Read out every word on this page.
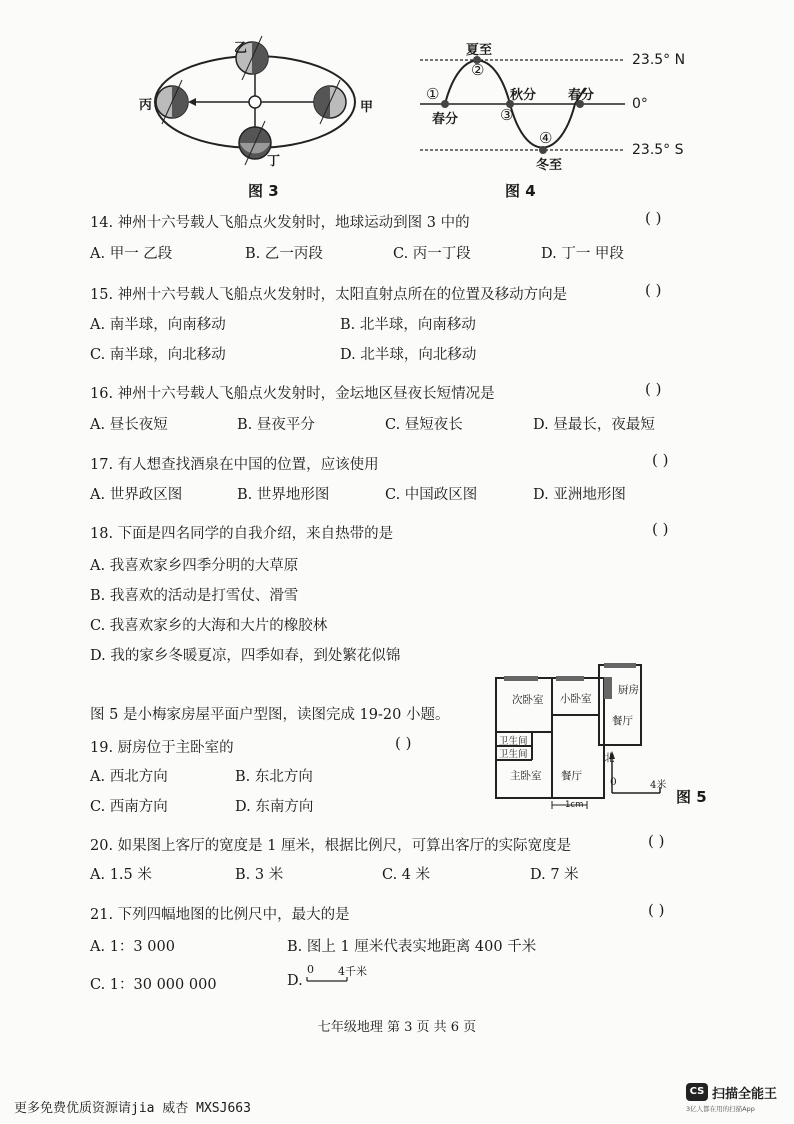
乙
丙	甲
丁
图 3
夏至
②
①
春分
秋分
③
春分
④
冬至
23.5° N
0°
23.5° S
图 4
14. 神州十六号载人飞船点火发射时，地球运动到图 3 中的	( )
A. 甲一 乙段	B. 乙一丙段	C. 丙一丁段	D. 丁一 甲段
15. 神州十六号载人飞船点火发射时，太阳直射点所在的位置及移动方向是	( )
A. 南半球，向南移动	B. 北半球，向南移动
C. 南半球，向北移动	D. 北半球，向北移动
16. 神州十六号载人飞船点火发射时，金坛地区昼夜长短情况是	( )
A. 昼长夜短	B. 昼夜平分	C. 昼短夜长	D. 昼最长，夜最短
17. 有人想查找酒泉在中国的位置，应该使用	( )
A. 世界政区图	B. 世界地形图	C. 中国政区图	D. 亚洲地形图
18. 下面是四名同学的自我介绍，来自热带的是	( )
A. 我喜欢家乡四季分明的大草原
B. 我喜欢的活动是打雪仗、滑雪
C. 我喜欢家乡的大海和大片的橡胶林
D. 我的家乡冬暖夏凉，四季如春，到处繁花似锦
图 5 是小梅家房屋平面户型图，读图完成 19-20 小题。
19. 厨房位于主卧室的	( )
A. 西北方向	B. 东北方向
C. 西南方向	D. 东南方向
次卧室 小卧室
厨房
餐厅
卫生间
卫生间
主卧室 餐厅
北
0	4米
1cm	图 5
20. 如果图上客厅的宽度是 1 厘米，根据比例尺，可算出客厅的实际宽度是	( )
A. 1.5 米	B. 3 米	C. 4 米	D. 7 米
21. 下列四幅地图的比例尺中，最大的是	( )
A. 1：3 000	B. 图上 1 厘米代表实地距离 400 千米
C. 1：30 000 000	D.
0 4千米
七年级地理 第 3 页 共 6 页
更多免费优质资源请jia 威杏 MXSJ663
CS 扫描全能王
3亿人都在用的扫描App
